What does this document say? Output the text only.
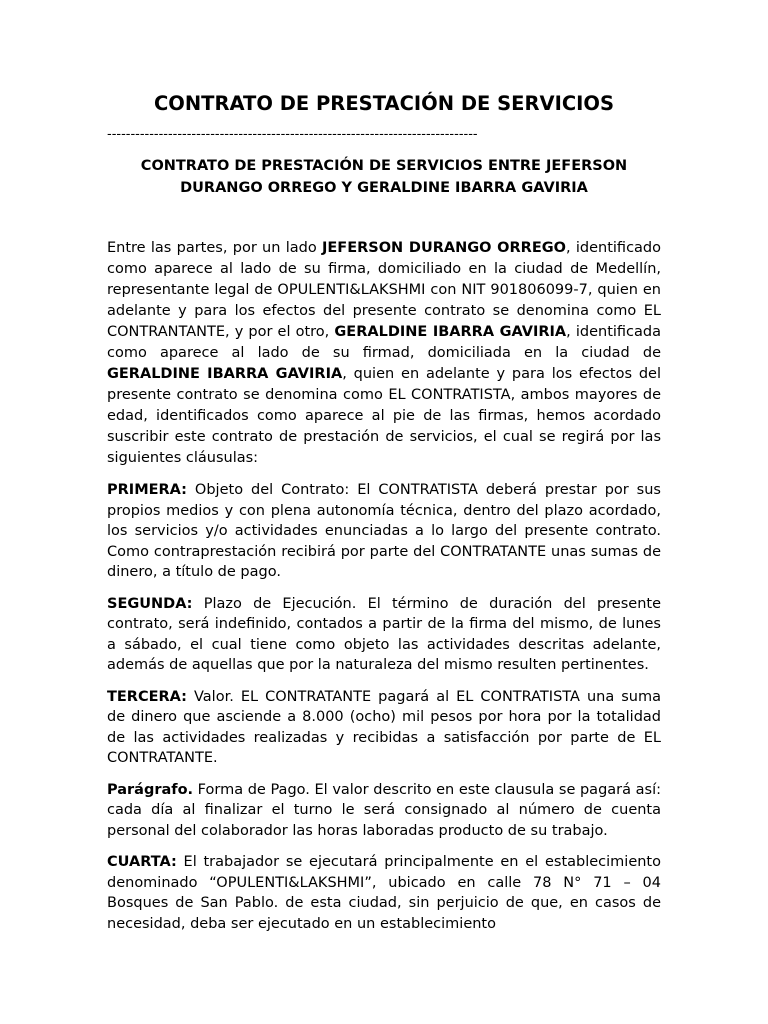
CONTRATO DE PRESTACIÓN DE SERVICIOS
-------------------------------------------------------------------------------
CONTRATO DE PRESTACIÓN DE SERVICIOS ENTRE JEFERSON DURANGO ORREGO Y GERALDINE IBARRA GAVIRIA

Entre las partes, por un lado JEFERSON DURANGO ORREGO, identificado como aparece al lado de su firma, domiciliado en la ciudad de Medellín, representante legal de OPULENTI&LAKSHMI con NIT 901806099-7, quien en adelante y para los efectos del presente contrato se denomina como EL CONTRANTANTE, y por el otro, GERALDINE IBARRA GAVIRIA, identificada como aparece al lado de su firmad, domiciliada en la ciudad de GERALDINE IBARRA GAVIRIA, quien en adelante y para los efectos del presente contrato se denomina como EL CONTRATISTA, ambos mayores de edad, identificados como aparece al pie de las firmas, hemos acordado suscribir este contrato de prestación de servicios, el cual se regirá por las siguientes cláusulas:

PRIMERA: Objeto del Contrato: El CONTRATISTA deberá prestar por sus propios medios y con plena autonomía técnica, dentro del plazo acordado, los servicios y/o actividades enunciadas a lo largo del presente contrato. Como contraprestación recibirá por parte del CONTRATANTE unas sumas de dinero, a título de pago.

SEGUNDA: Plazo de Ejecución. El término de duración del presente contrato, será indefinido, contados a partir de la firma del mismo, de lunes a sábado, el cual tiene como objeto las actividades descritas adelante, además de aquellas que por la naturaleza del mismo resulten pertinentes.

TERCERA: Valor. EL CONTRATANTE pagará al EL CONTRATISTA una suma de dinero que asciende a 8.000 (ocho) mil pesos por hora por la totalidad de las actividades realizadas y recibidas a satisfacción por parte de EL CONTRATANTE.

Parágrafo. Forma de Pago. El valor descrito en este clausula se pagará así: cada día al finalizar el turno le será consignado al número de cuenta personal del colaborador las horas laboradas producto de su trabajo.

CUARTA: El trabajador se ejecutará principalmente en el establecimiento denominado “OPULENTI&LAKSHMI”, ubicado en calle 78 N° 71 – 04 Bosques de San Pablo. de esta ciudad, sin perjuicio de que, en casos de necesidad, deba ser ejecutado en un establecimiento
